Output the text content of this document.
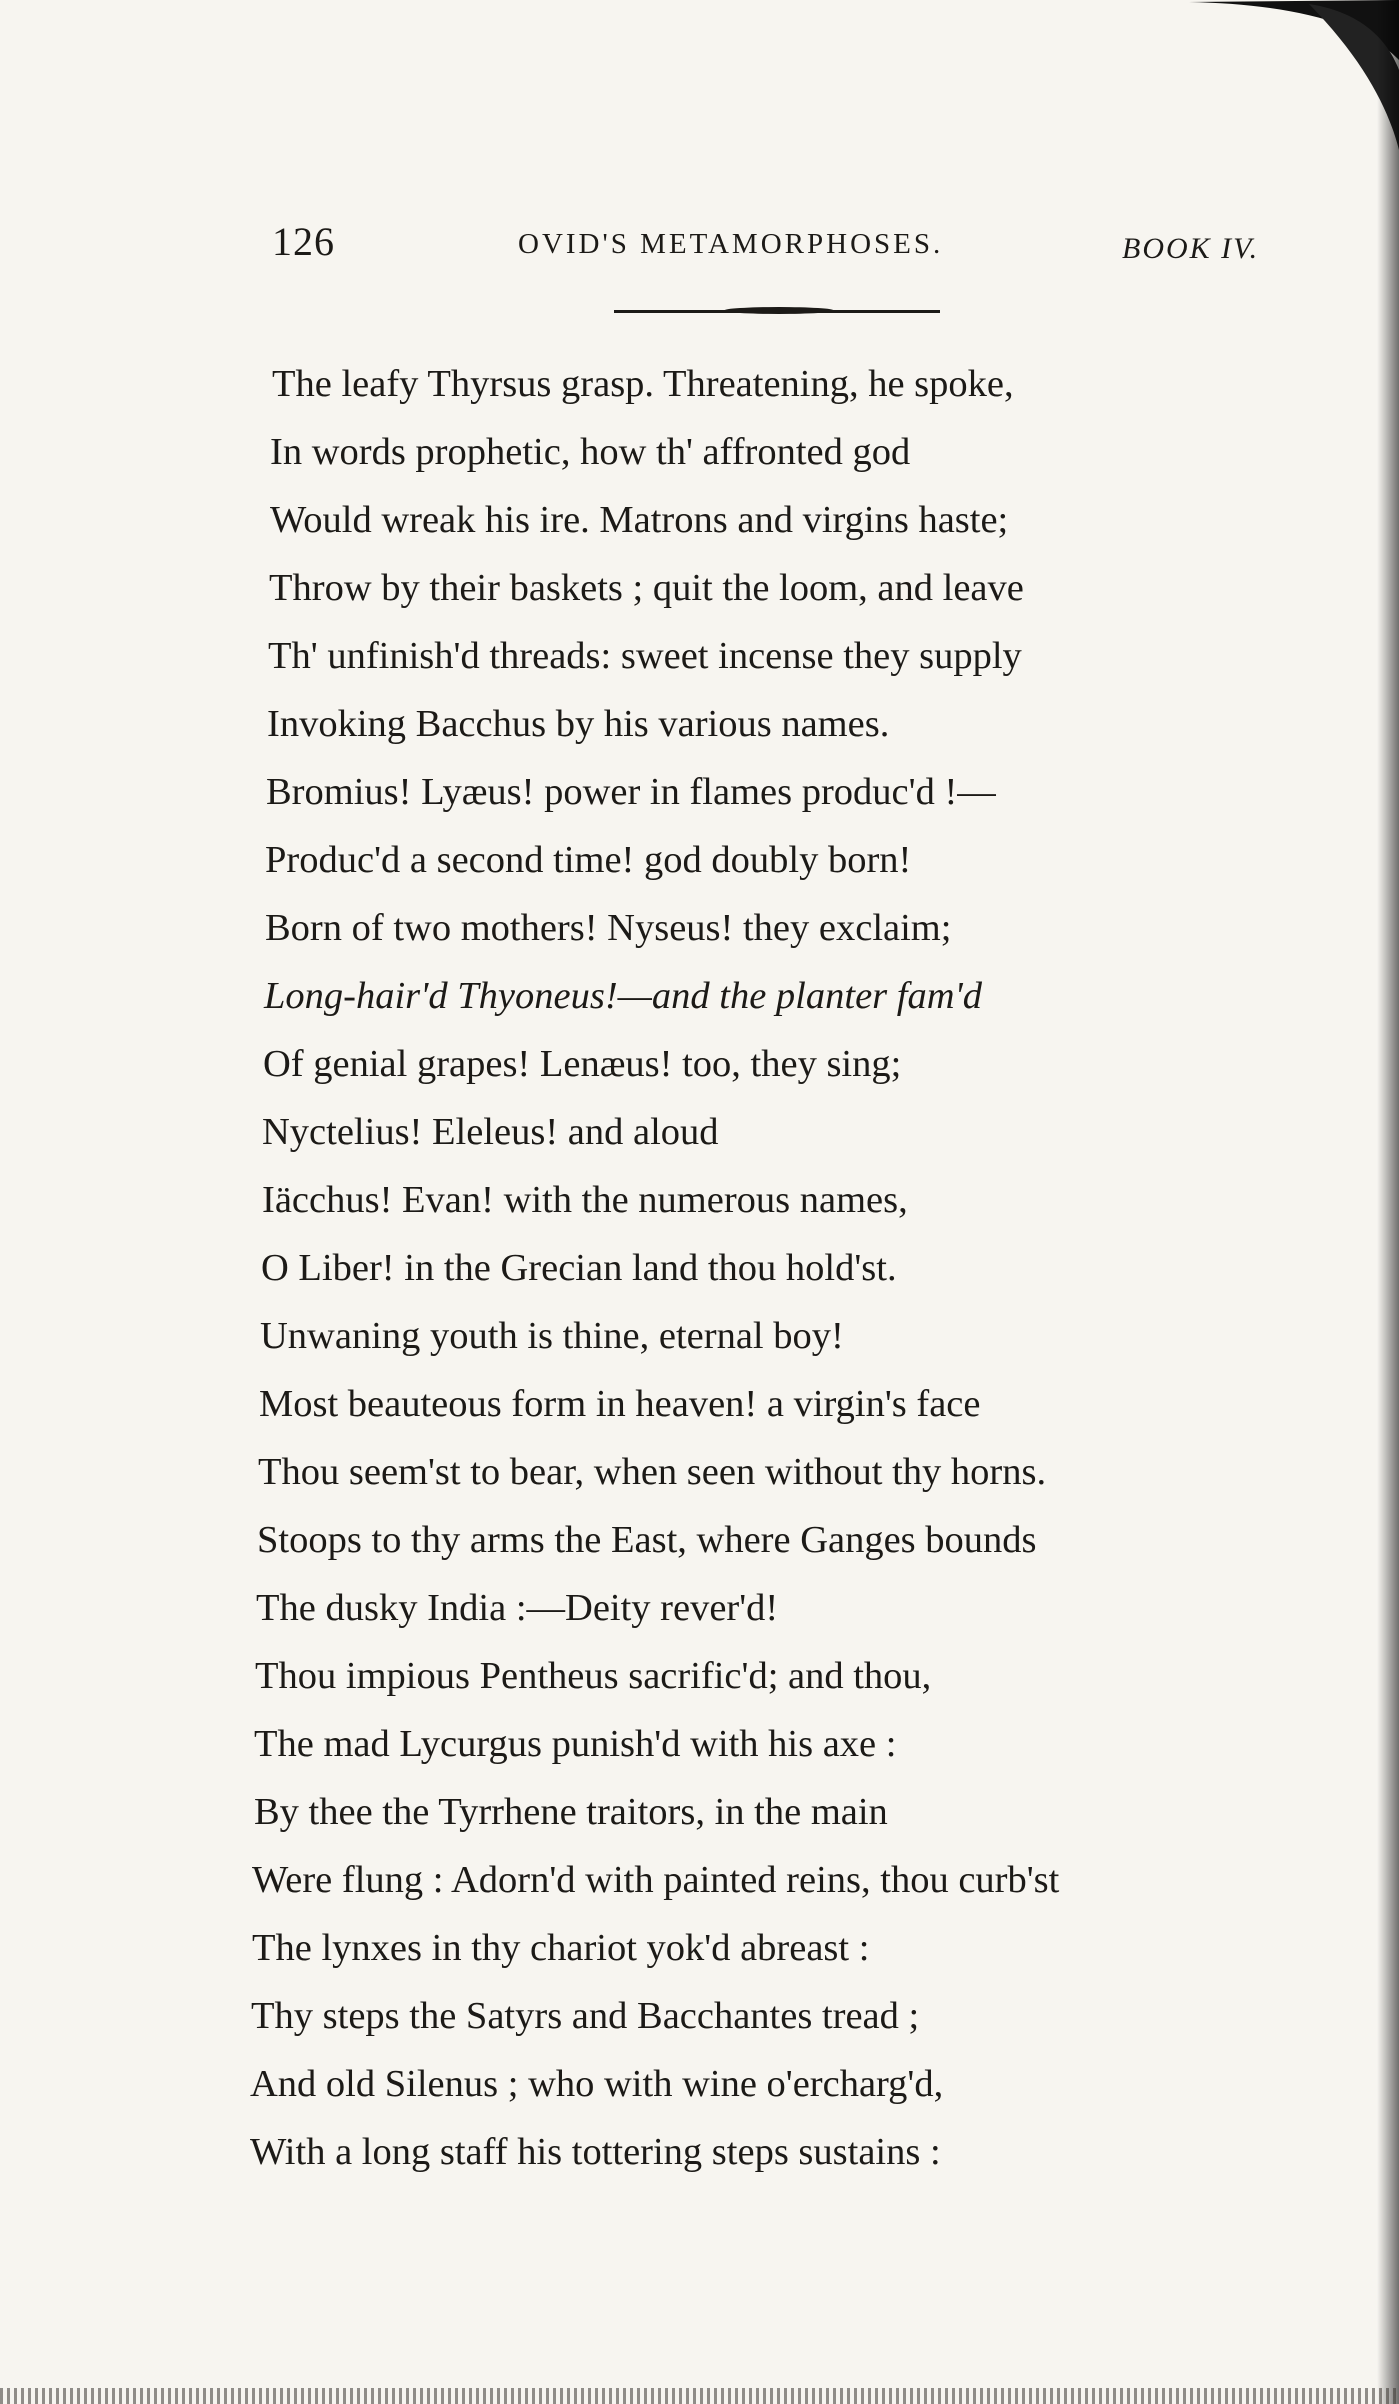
126	OVID'S METAMORPHOSES.	BOOK IV.
The leafy Thyrsus grasp. Threatening, he spoke,
In words prophetic, how th' affronted god
Would wreak his ire. Matrons and virgins haste;
Throw by their baskets ; quit the loom, and leave
Th' unfinish'd threads: sweet incense they supply
Invoking Bacchus by his various names.
Bromius! Lyæus! power in flames produc'd !—
Produc'd a second time! god doubly born!
Born of two mothers! Nyseus! they exclaim;
Long-hair'd Thyoneus!—and the planter fam'd
Of genial grapes! Lenæus! too, they sing;
Nyctelius! Eleleus! and aloud
Iäcchus! Evan! with the numerous names,
O Liber! in the Grecian land thou hold'st.
Unwaning youth is thine, eternal boy!
Most beauteous form in heaven! a virgin's face
Thou seem'st to bear, when seen without thy horns.
Stoops to thy arms the East, where Ganges bounds
The dusky India :—Deity rever'd!
Thou impious Pentheus sacrific'd; and thou,
The mad Lycurgus punish'd with his axe :
By thee the Tyrrhene traitors, in the main
Were flung : Adorn'd with painted reins, thou curb'st
The lynxes in thy chariot yok'd abreast :
Thy steps the Satyrs and Bacchantes tread ;
And old Silenus ; who with wine o'ercharg'd,
With a long staff his tottering steps sustains :
